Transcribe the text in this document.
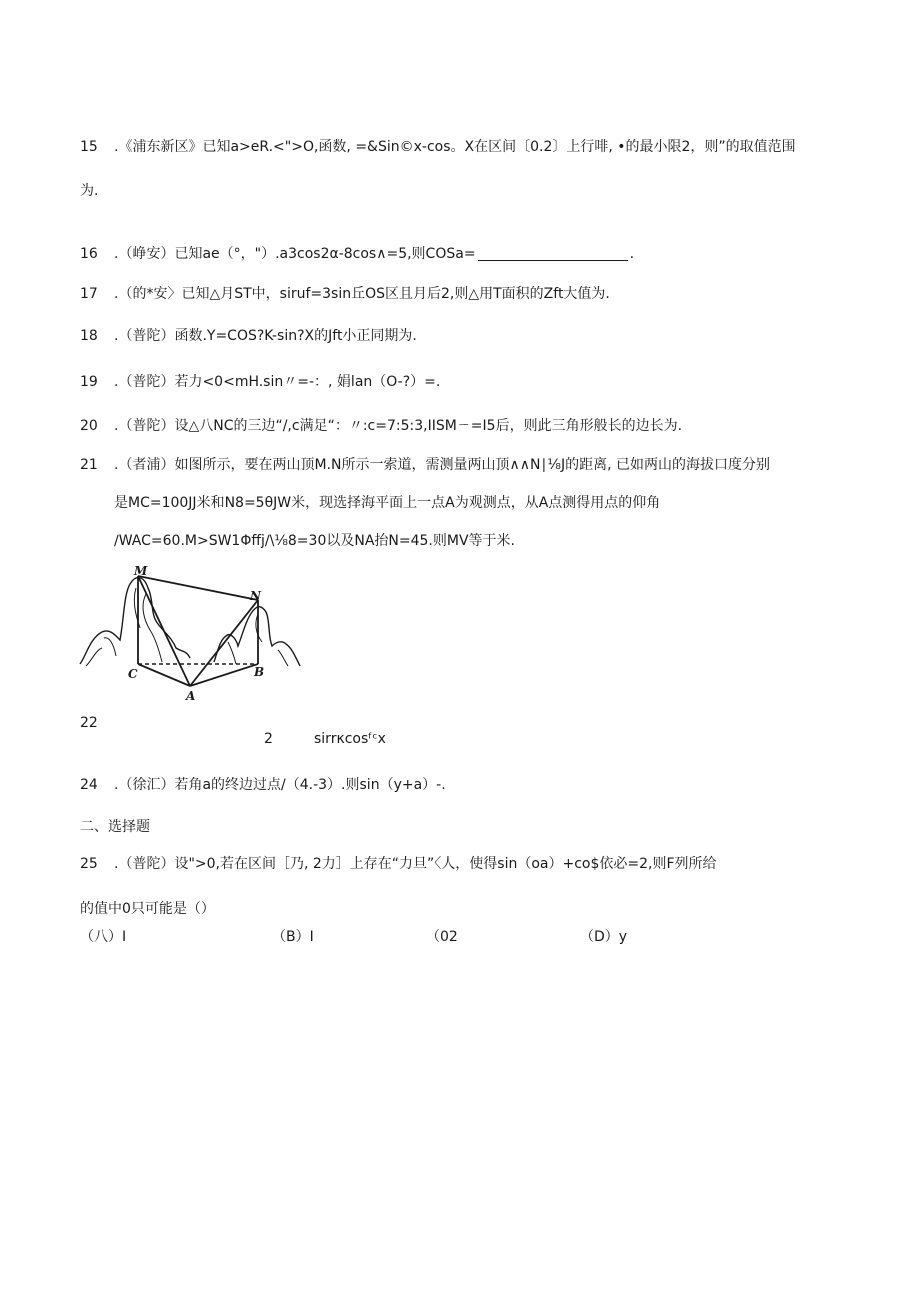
15 .《浦东新区》已知a>eR.<">O,函数, =&Sin©x-cos。X在区间〔0.2〕上行啡, •的最小限2，则”的取值范围
为.
16 .（峥安）已知ae（°，"）.a3cos2α-8cos∧=5,则COSa=	.
17 .（的*安〉已知△月ST中，siruf=3sin丘OS区且月后2,则△用T面积的Zft大值为.
18 .（普陀）函数.Y=COS?K-sin?X的Jft小正同期为.
19 .（普陀）若力<0<mH.sin〃=-：, 娟lan（O-?）=.
20 .（普陀）设△八NC的三边“/,c满足“：〃:c=7:5:3,IISMㄧ=I5后，则此三角形般长的边长为.
21 .（者浦）如图所示，要在两山顶M.N所示一索道，需测量两山顶∧∧N∣⅛J的距离, 已如两山的海拔口度分别
是MC=100JJ米和N8=5θJW米，现选择海平面上一点A为观测点，从A点测得用点的仰角
∕WAC=60.M>SW1Φffj∕\⅛8=30以及NA抬N=45.则MV等于米.
M
N
C	B
A
22
2	sirrκcosᶠᶜx
24 .（徐汇）若角a的终边过点/（4.-3）.则sin（y+a）-.
二、选择题
25 .（普陀）设">0,若在区间［乃, 2力］上存在“力旦”〈人，使得sin（oa）+co$依必=2,则F列所给
的值中0只可能是（）
（八）I	（B）I	（02	（D）y
